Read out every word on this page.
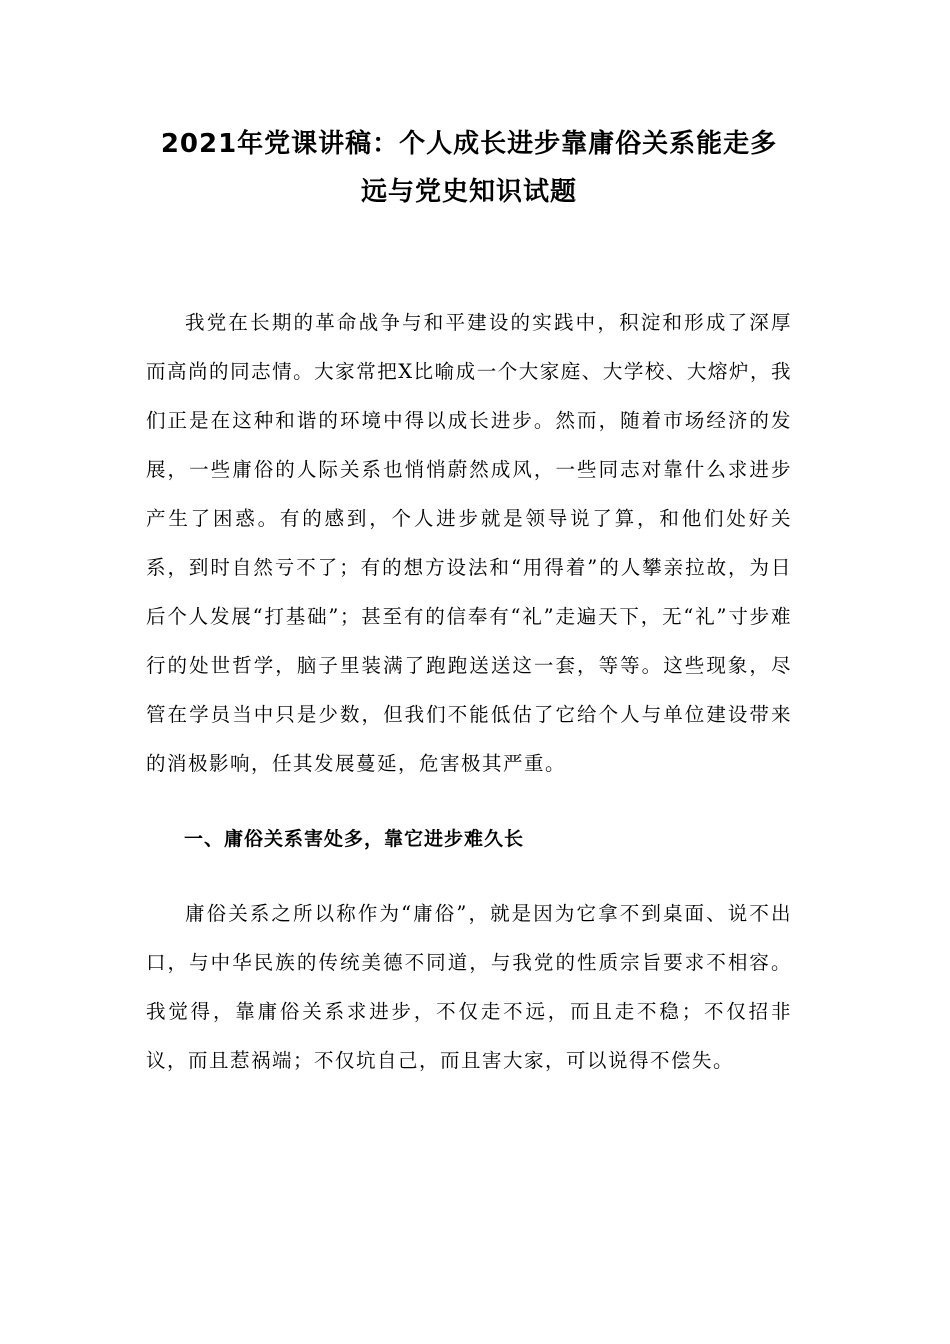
2021年党课讲稿：个人成长进步靠庸俗关系能走多
远与党史知识试题

我党在长期的革命战争与和平建设的实践中，积淀和形成了深厚而高尚的同志情。大家常把X比喻成一个大家庭、大学校、大熔炉，我们正是在这种和谐的环境中得以成长进步。然而，随着市场经济的发展，一些庸俗的人际关系也悄悄蔚然成风，一些同志对靠什么求进步产生了困惑。有的感到，个人进步就是领导说了算，和他们处好关系，到时自然亏不了；有的想方设法和“用得着”的人攀亲拉故，为日后个人发展“打基础”；甚至有的信奉有“礼”走遍天下，无“礼”寸步难行的处世哲学，脑子里装满了跑跑送送这一套，等等。这些现象，尽管在学员当中只是少数，但我们不能低估了它给个人与单位建设带来的消极影响，任其发展蔓延，危害极其严重。

一、庸俗关系害处多，靠它进步难久长

庸俗关系之所以称作为“庸俗”，就是因为它拿不到桌面、说不出口，与中华民族的传统美德不同道，与我党的性质宗旨要求不相容。我觉得，靠庸俗关系求进步，不仅走不远，而且走不稳；不仅招非议，而且惹祸端；不仅坑自己，而且害大家，可以说得不偿失。
